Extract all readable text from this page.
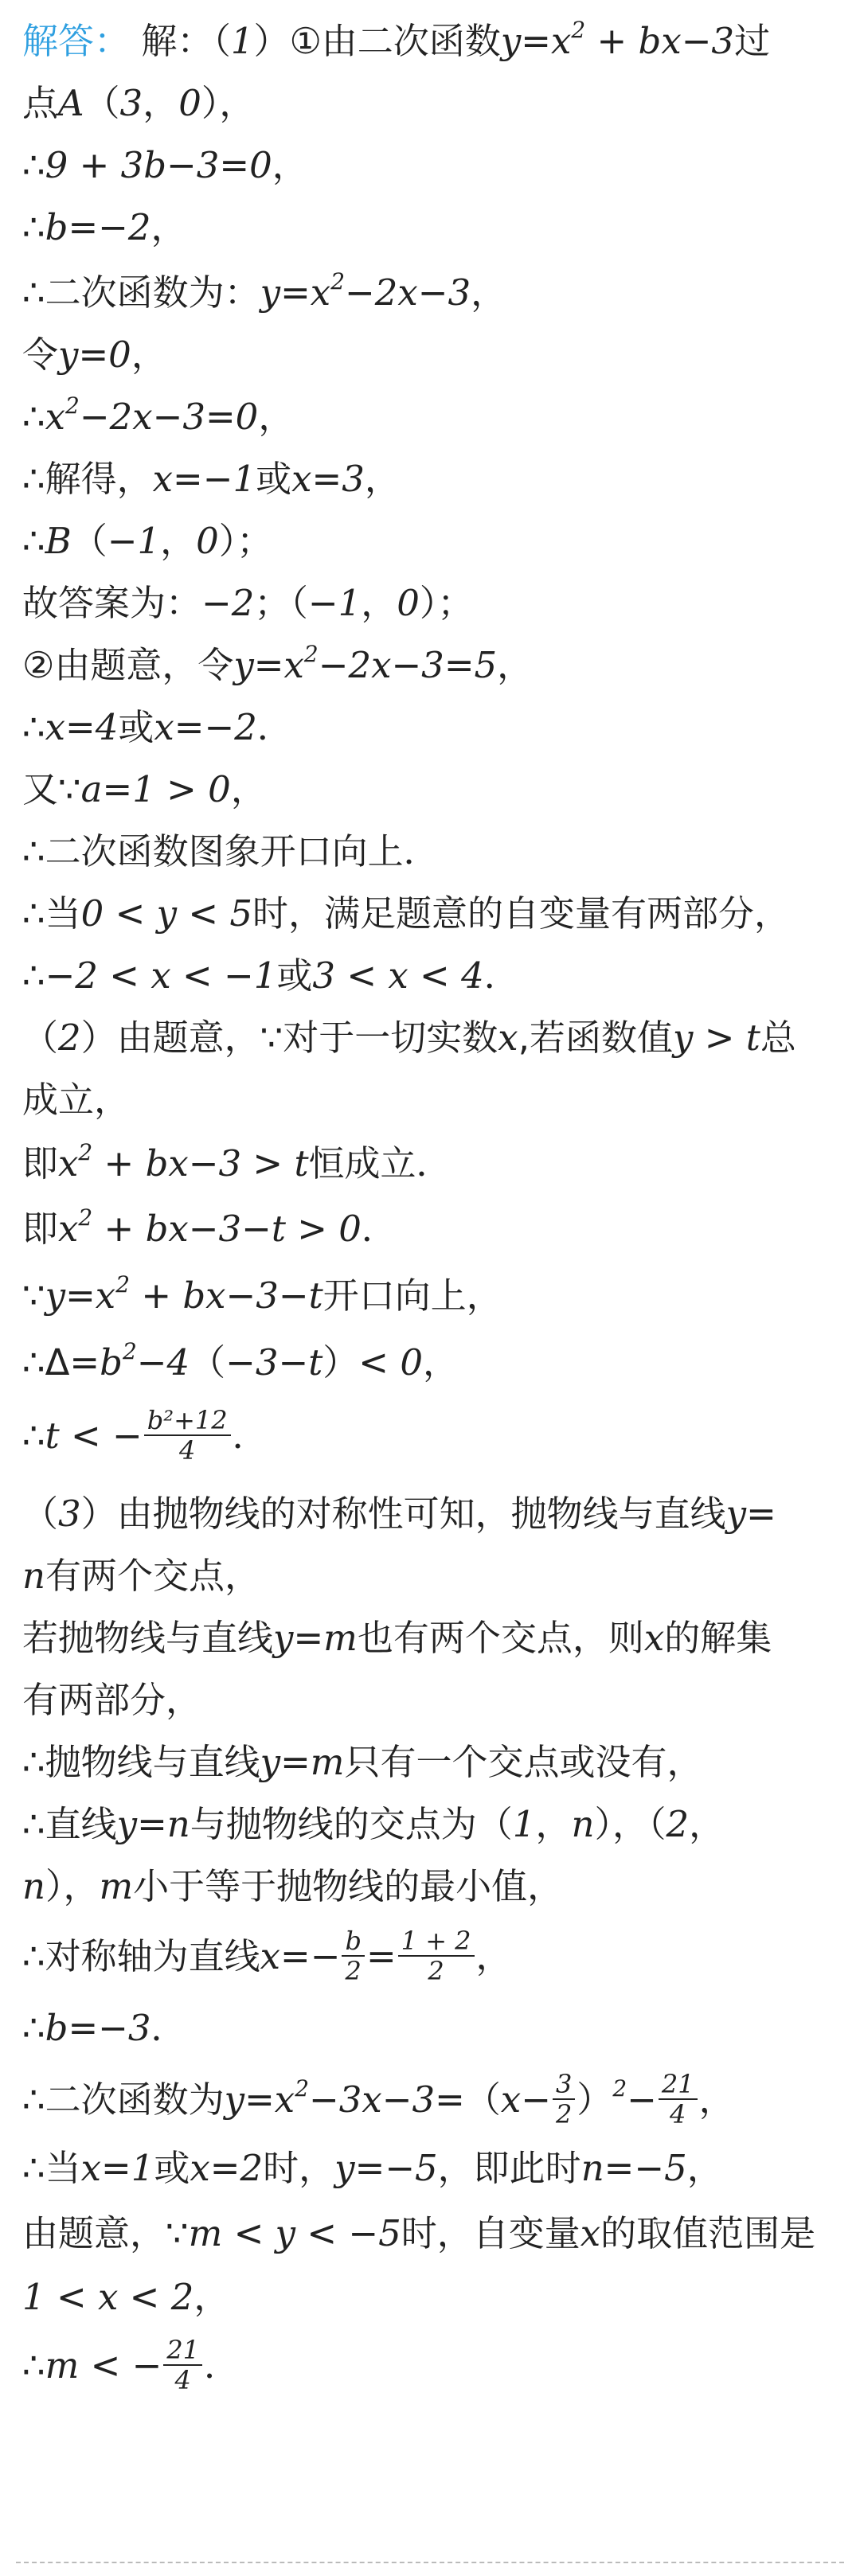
解答： 解：（1）①由二次函数$y=x^2 + bx-3$过
点A（3，0），
∴9 + 3b−3=0，
∴b=−2，
∴二次函数为：$y=x^2-2x-3$，
令y=0，
$\therefore x^2-2x-3=0$，
∴解得，x=−1或x=3，
∴B（−1，0）；
故答案为：−2；（−1，0）；
②由题意，令$y=x^2-2x-3=5$，
∴x=4或x=−2．
又∵a=1 > 0，
∴二次函数图象开口向上．
∴当0 < y < 5时，满足题意的自变量有两部分，
∴−2 < x < −1或3 < x < 4．
（2）由题意，∵对于一切实数x,若函数值y > t总
成立，
即$x^2 + bx-3 > t$恒成立．
即$x^2 + bx-3-t > 0$．
$\because y=x^2 + bx-3-t$开口向上，
$\therefore\Delta=b^2-4(-3-t)< 0$，
∴t < − $\frac{\text{b²+12}}{4}$ ．
（3）由抛物线的对称性可知，抛物线与直线y=
n有两个交点，
若抛物线与直线y=m也有两个交点，则x的解集
有两部分，
∴抛物线与直线y=m只有一个交点或没有，
∴直线y=n与抛物线的交点为（1，n），（2，
n），m小于等于抛物线的最小值，
∴对称轴为直线$x=- \frac{b}{2} = \frac{1 + 2}{2}$ ，
∴b=−3．
∴二次函数为$y=x^2-3x-3=(x- \frac{3}{2} )^2- \frac{21}{4}$ ，
∴当x=1或x=2时，y=−5，即此时n=−5，
由题意，∵m < y < −5时，自变量x的取值范围是
1 < x < 2，
∴m < − $\frac{21}{4}$ ．
